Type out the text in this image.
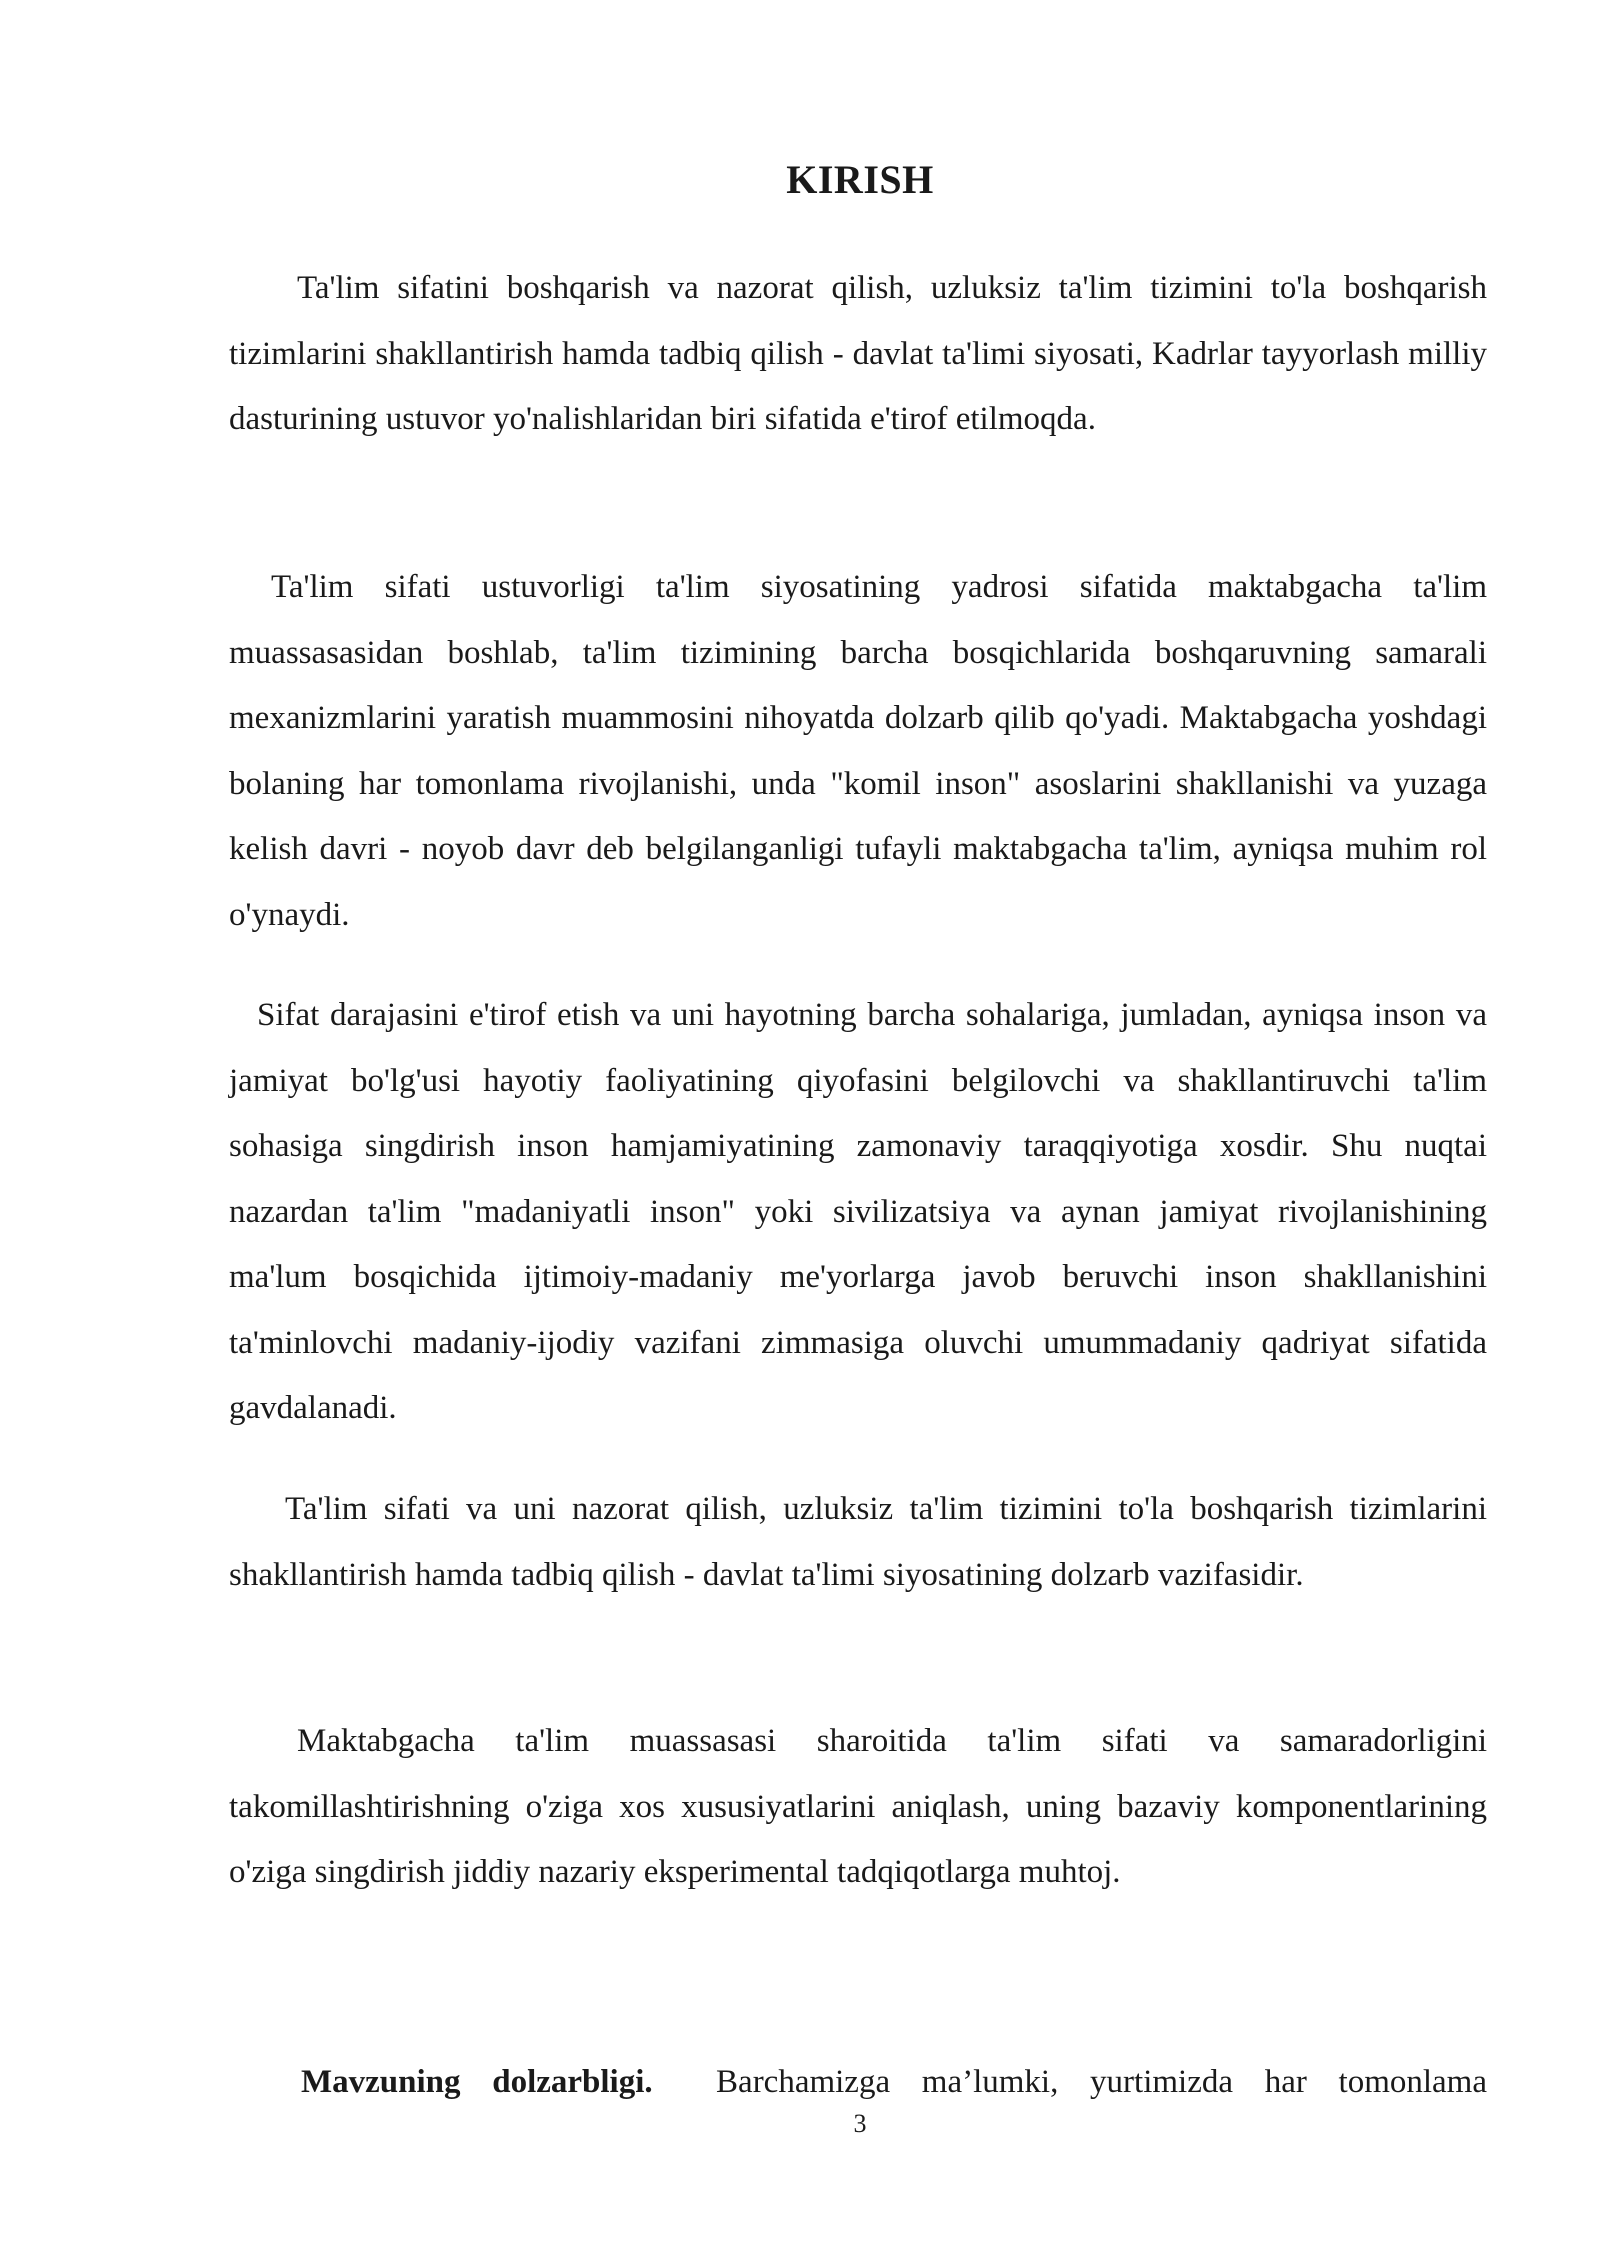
KIRISH

Ta'lim sifatini boshqarish va nazorat qilish, uzluksiz ta'lim tizimini to'la boshqarish tizimlarini shakllantirish hamda tadbiq qilish - davlat ta'limi siyosati, Kadrlar tayyorlash milliy dasturining ustuvor yo'nalishlaridan biri sifatida e'tirof etilmoqda.

Ta'lim sifati ustuvorligi ta'lim siyosatining yadrosi sifatida maktabgacha ta'lim muassasasidan boshlab, ta'lim tizimining barcha bosqichlarida boshqaruvning samarali mexanizmlarini yaratish muammosini nihoyatda dolzarb qilib qo'yadi. Maktabgacha yoshdagi bolaning har tomonlama rivojlanishi, unda "komil inson" asoslarini shakllanishi va yuzaga kelish davri - noyob davr deb belgilanganligi tufayli maktabgacha ta'lim, ayniqsa muhim rol o'ynaydi.

Sifat darajasini e'tirof etish va uni hayotning barcha sohalariga, jumladan, ayniqsa inson va jamiyat bo'lg'usi hayotiy faoliyatining qiyofasini belgilovchi va shakllantiruvchi ta'lim sohasiga singdirish inson hamjamiyatining zamonaviy taraqqiyotiga xosdir. Shu nuqtai nazardan ta'lim "madaniyatli inson" yoki sivilizatsiya va aynan jamiyat rivojlanishining ma'lum bosqichida ijtimoiy-madaniy me'yorlarga javob beruvchi inson shakllanishini ta'minlovchi madaniy-ijodiy vazifani zimmasiga oluvchi umummadaniy qadriyat sifatida gavdalanadi.

Ta'lim sifati va uni nazorat qilish, uzluksiz ta'lim tizimini to'la boshqarish tizimlarini shakllantirish hamda tadbiq qilish - davlat ta'limi siyosatining dolzarb vazifasidir.

Maktabgacha ta'lim muassasasi sharoitida ta'lim sifati va samaradorligini takomillashtirishning o'ziga xos xususiyatlarini aniqlash, uning bazaviy komponentlarining o'ziga singdirish jiddiy nazariy eksperimental tadqiqotlarga muhtoj.

Mavzuning dolzarbligi. Barchamizga ma’lumki, yurtimizda har tomonlama

3
